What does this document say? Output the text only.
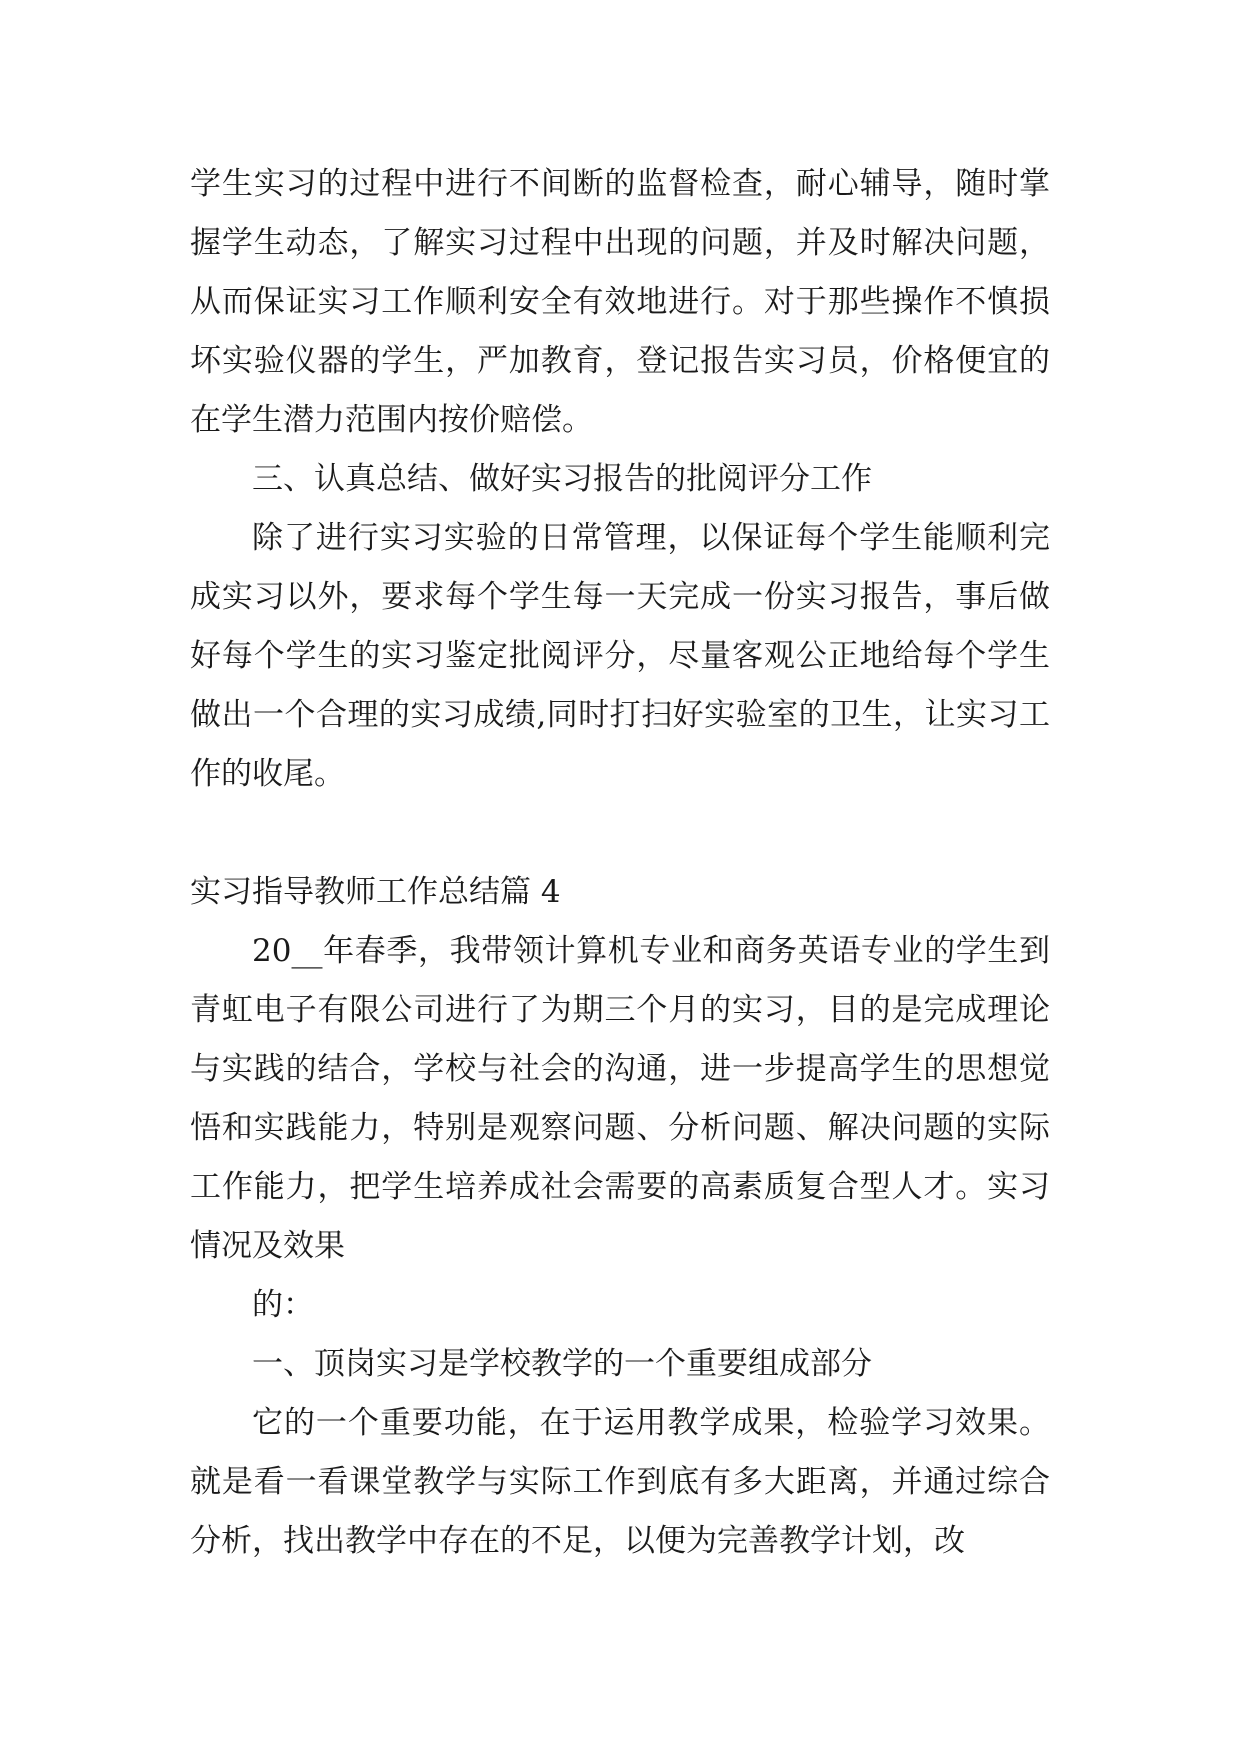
学生实习的过程中进行不间断的监督检查，耐心辅导，随时掌握学生动态，了解实习过程中出现的问题，并及时解决问题，从而保证实习工作顺利安全有效地进行。对于那些操作不慎损坏实验仪器的学生，严加教育，登记报告实习员，价格便宜的在学生潜力范围内按价赔偿。

三、认真总结、做好实习报告的批阅评分工作

除了进行实习实验的日常管理，以保证每个学生能顺利完成实习以外，要求每个学生每一天完成一份实习报告，事后做好每个学生的实习鉴定批阅评分，尽量客观公正地给每个学生做出一个合理的实习成绩,同时打扫好实验室的卫生，让实习工作的收尾。

实习指导教师工作总结篇 4

20__年春季，我带领计算机专业和商务英语专业的学生到青虹电子有限公司进行了为期三个月的实习，目的是完成理论与实践的结合，学校与社会的沟通，进一步提高学生的思想觉悟和实践能力，特别是观察问题、分析问题、解决问题的实际工作能力，把学生培养成社会需要的高素质复合型人才。实习情况及效果

的：

一、顶岗实习是学校教学的一个重要组成部分

它的一个重要功能，在于运用教学成果，检验学习效果。就是看一看课堂教学与实际工作到底有多大距离，并通过综合分析，找出教学中存在的不足，以便为完善教学计划，改
